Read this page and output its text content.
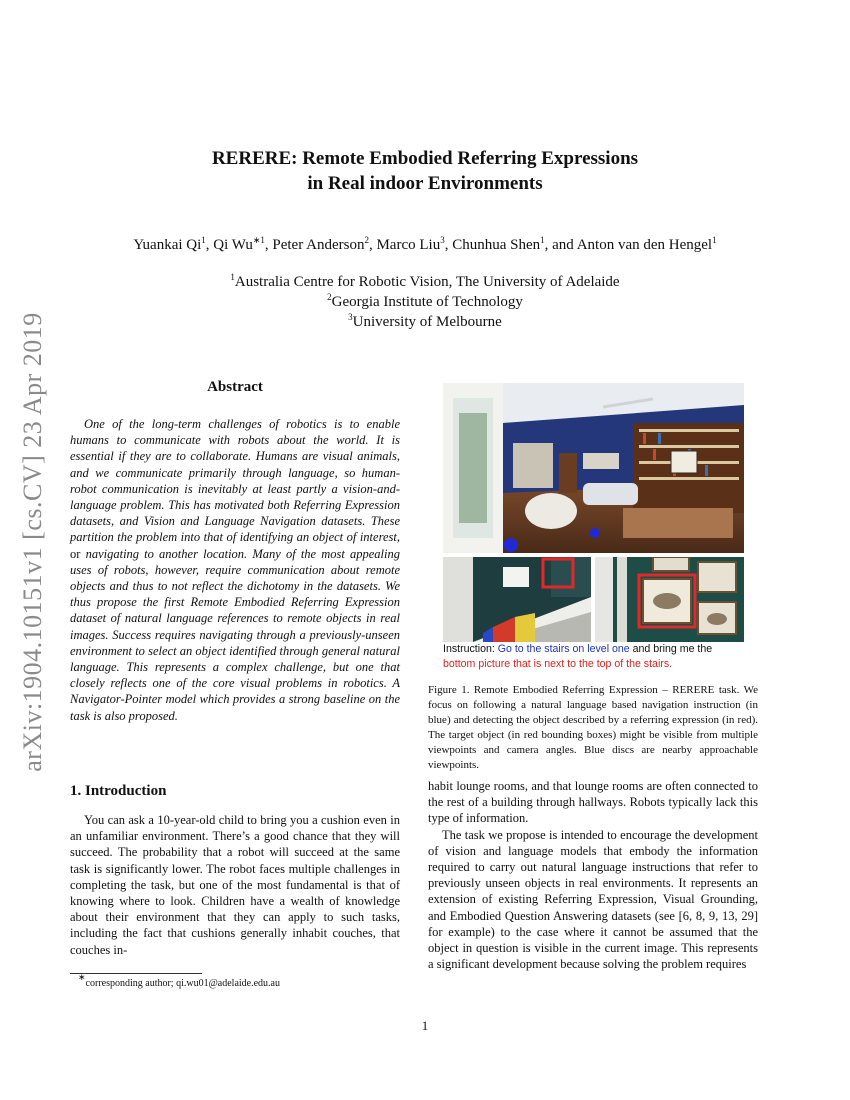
arXiv:1904.10151v1 [cs.CV] 23 Apr 2019
RERERE: Remote Embodied Referring Expressions
in Real indoor Environments
Yuankai Qi$^1$, Qi $Wu^{∗1}$, Peter Anderson$^2$, Marco Liu$^3$, Chunhua Shen$^1$, and Anton van den Hengel$^1$
$^1$Australia Centre for Robotic Vision, The University of Adelaide
$^2$Georgia Institute of Technology
$^3$University of Melbourne
Abstract

One of the long-term challenges of robotics is to enable humans to communicate with robots about the world. It is essential if they are to collaborate. Humans are visual animals, and we communicate primarily through language, so human-robot communication is inevitably at least partly a vision-and-language problem. This has motivated both Referring Expression datasets, and Vision and Language Navigation datasets. These partition the problem into that of identifying an object of interest, or navigating to another location. Many of the most appealing uses of robots, however, require communication about remote objects and thus to not reflect the dichotomy in the datasets. We thus propose the first Remote Embodied Referring Expression dataset of natural language references to remote objects in real images. Success requires navigating through a previously-unseen environment to select an object identified through general natural language. This represents a complex challenge, but one that closely reflects one of the core visual problems in robotics. A Navigator-Pointer model which provides a strong baseline on the task is also proposed.

1. Introduction

You can ask a 10-year-old child to bring you a cushion even in an unfamiliar environment. There’s a good chance that they will succeed. The probability that a robot will succeed at the same task is significantly lower. The robot faces multiple challenges in completing the task, but one of the most fundamental is that of knowing where to look. Children have a wealth of knowledge about their environment that they can apply to such tasks, including the fact that cushions generally inhabit couches, that couches in-

∗corresponding author; qi.wu01@adelaide.edu.au
Instruction: Go to the stairs on level one and bring me the
bottom picture that is next to the top of the stairs.

Figure 1. Remote Embodied Referring Expression – RERERE task. We focus on following a natural language based navigation instruction (in blue) and detecting the object described by a referring expression (in red). The target object (in red bounding boxes) might be visible from multiple viewpoints and camera angles. Blue discs are nearby approachable viewpoints.

habit lounge rooms, and that lounge rooms are often connected to the rest of a building through hallways. Robots typically lack this type of information.

The task we propose is intended to encourage the development of vision and language models that embody the information required to carry out natural language instructions that refer to previously unseen objects in real environments. It represents an extension of existing Referring Expression, Visual Grounding, and Embodied Question Answering datasets (see [6, 8, 9, 13, 29] for example) to the case where it cannot be assumed that the object in question is visible in the current image. This represents a significant development because solving the problem requires

1
